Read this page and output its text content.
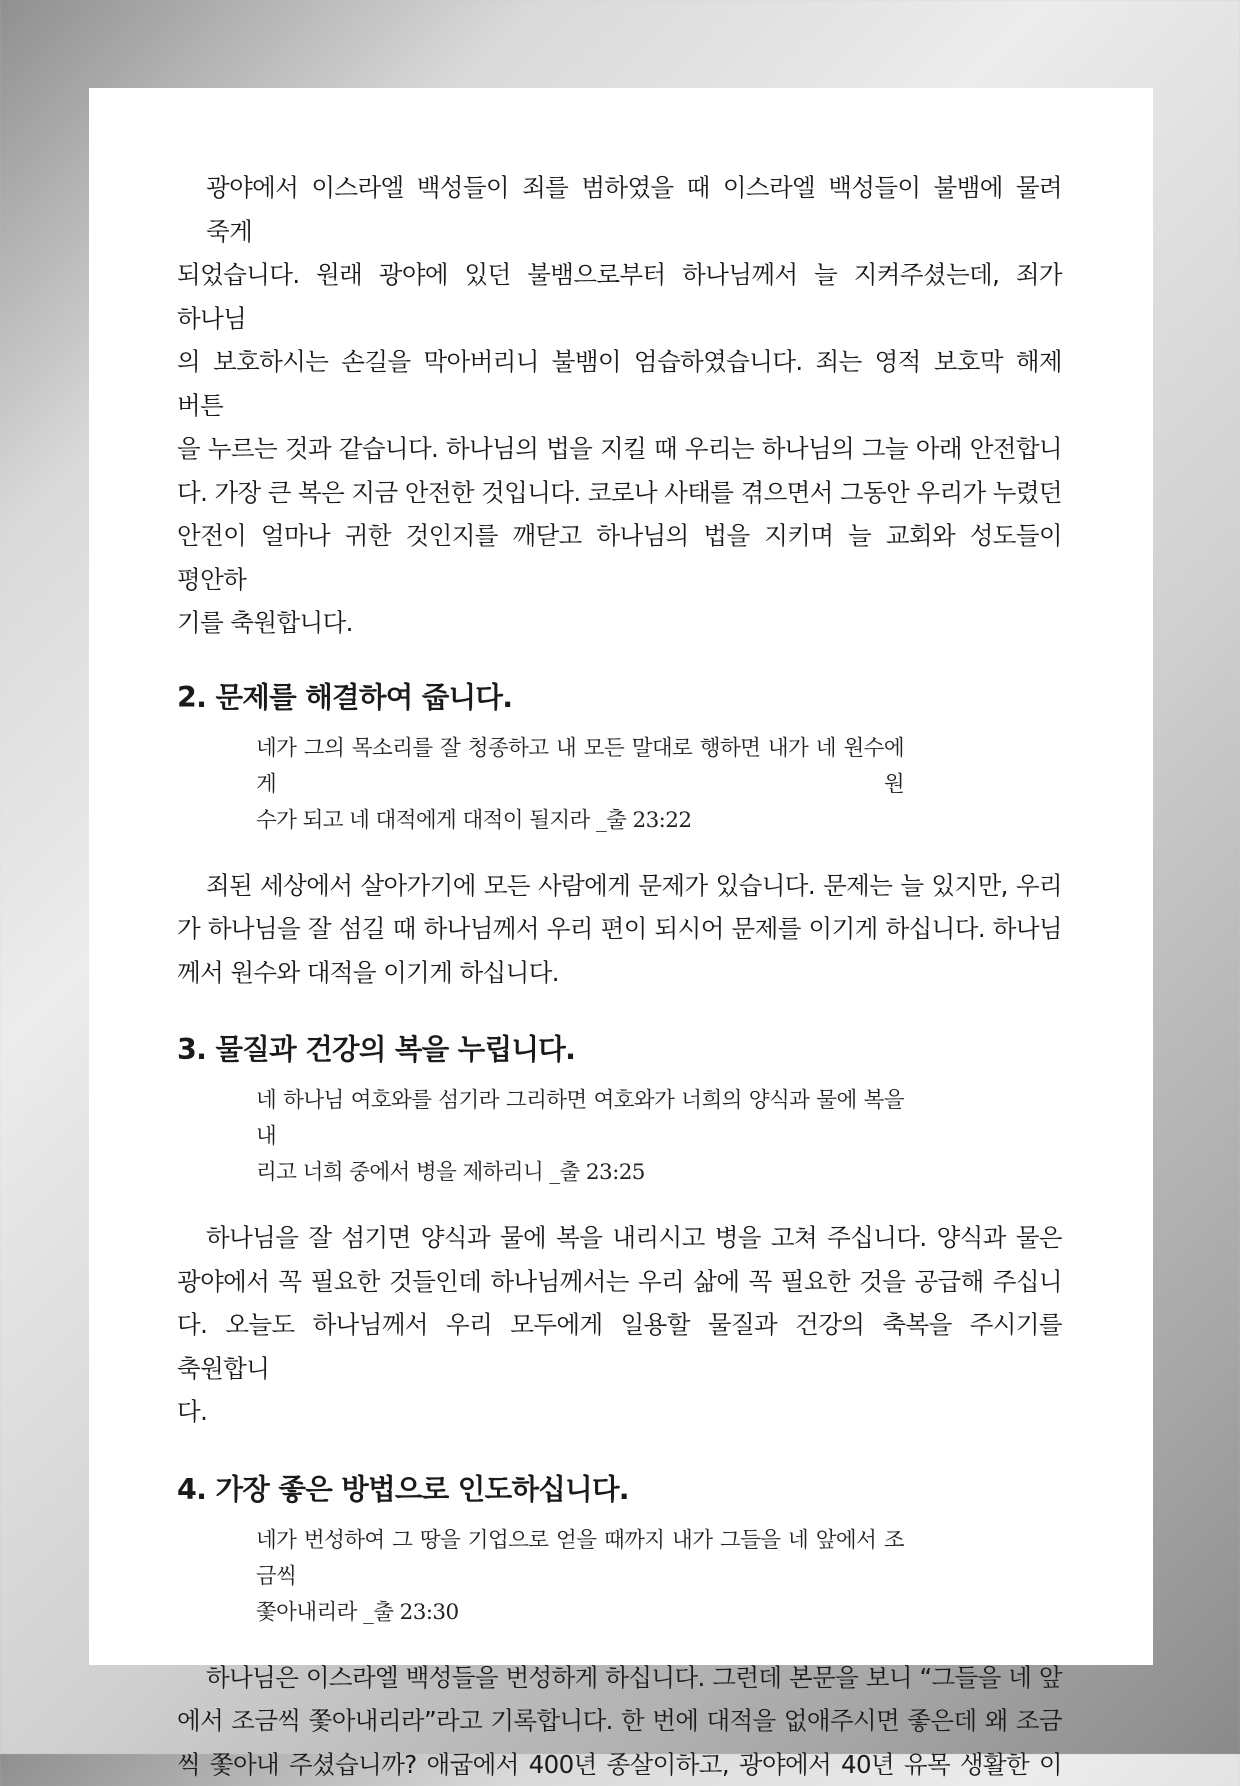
광야에서 이스라엘 백성들이 죄를 범하였을 때 이스라엘 백성들이 불뱀에 물려 죽게
되었습니다. 원래 광야에 있던 불뱀으로부터 하나님께서 늘 지켜주셨는데, 죄가 하나님
의 보호하시는 손길을 막아버리니 불뱀이 엄습하였습니다. 죄는 영적 보호막 해제 버튼
을 누르는 것과 같습니다. 하나님의 법을 지킬 때 우리는 하나님의 그늘 아래 안전합니
다. 가장 큰 복은 지금 안전한 것입니다. 코로나 사태를 겪으면서 그동안 우리가 누렸던
안전이 얼마나 귀한 것인지를 깨닫고 하나님의 법을 지키며 늘 교회와 성도들이 평안하
기를 축원합니다.

2. 문제를 해결하여 줍니다.
네가 그의 목소리를 잘 청종하고 내 모든 말대로 행하면 내가 네 원수에게 원
수가 되고 네 대적에게 대적이 될지라 _출 23:22

죄된 세상에서 살아가기에 모든 사람에게 문제가 있습니다. 문제는 늘 있지만, 우리
가 하나님을 잘 섬길 때 하나님께서 우리 편이 되시어 문제를 이기게 하십니다. 하나님
께서 원수와 대적을 이기게 하십니다.

3. 물질과 건강의 복을 누립니다.
네 하나님 여호와를 섬기라 그리하면 여호와가 너희의 양식과 물에 복을 내
리고 너희 중에서 병을 제하리니 _출 23:25

하나님을 잘 섬기면 양식과 물에 복을 내리시고 병을 고쳐 주십니다. 양식과 물은
광야에서 꼭 필요한 것들인데 하나님께서는 우리 삶에 꼭 필요한 것을 공급해 주십니
다. 오늘도 하나님께서 우리 모두에게 일용할 물질과 건강의 축복을 주시기를 축원합니
다.

4. 가장 좋은 방법으로 인도하십니다.
네가 번성하여 그 땅을 기업으로 얻을 때까지 내가 그들을 네 앞에서 조금씩
쫓아내리라 _출 23:30

하나님은 이스라엘 백성들을 번성하게 하십니다. 그런데 본문을 보니 “그들을 네 앞
에서 조금씩 쫓아내리라”라고 기록합니다. 한 번에 대적을 없애주시면 좋은데 왜 조금
씩 쫓아내 주셨습니까? 애굽에서 400년 종살이하고, 광야에서 40년 유목 생활한 이
